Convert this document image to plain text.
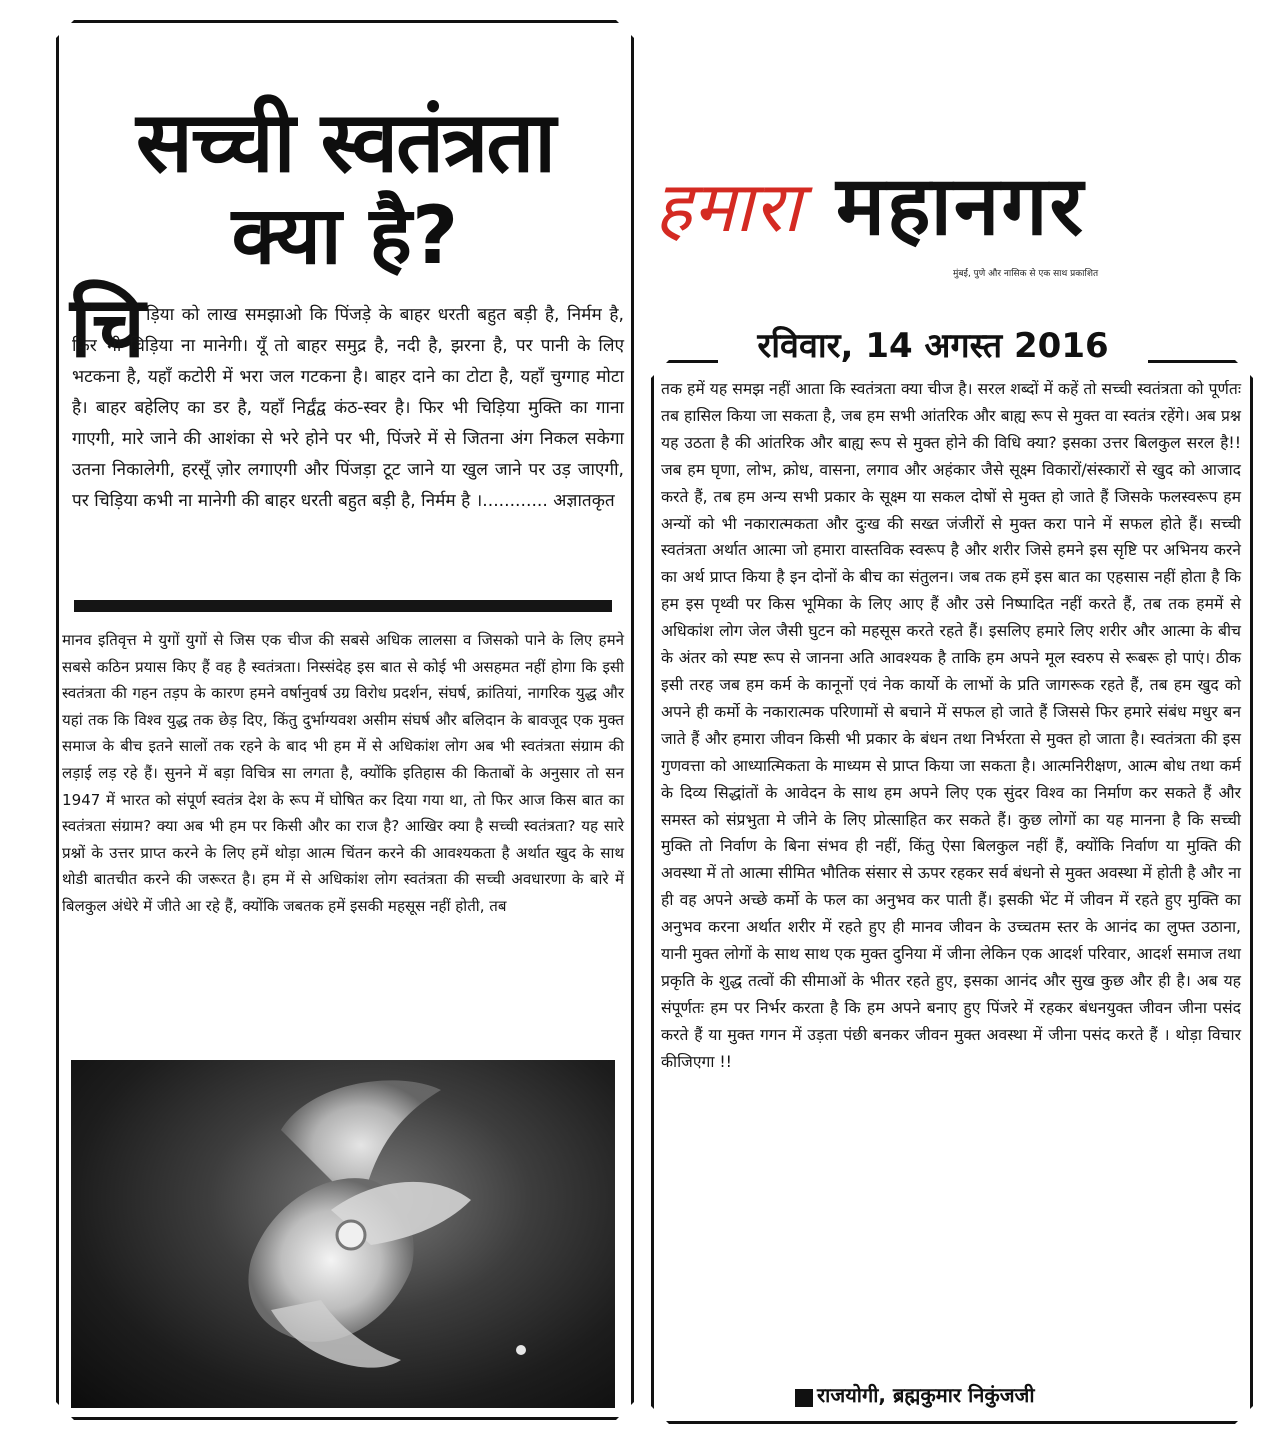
सच्ची स्वतंत्रता
क्या है?
चि ड़िया को लाख समझाओ कि पिंजड़े के बाहर धरती बहुत बड़ी है, निर्मम है, फिर भी चिड़िया ना मानेगी। यूँ तो बाहर समुद्र है, नदी है, झरना है, पर पानी के लिए भटकना है, यहाँ कटोरी में भरा जल गटकना है। बाहर दाने का टोटा है, यहाँ चुग्गाह मोटा है। बाहर बहेलिए का डर है, यहाँ निर्द्वंद्व कंठ-स्वर है। फिर भी चिड़िया मुक्ति का गाना गाएगी, मारे जाने की आशंका से भरे होने पर भी, पिंजरे में से जितना अंग निकल सकेगा उतना निकालेगी, हरसूँ ज़ोर लगाएगी और पिंजड़ा टूट जाने या खुल जाने पर उड़ जाएगी, पर चिड़िया कभी ना मानेगी की बाहर धरती बहुत बड़ी है, निर्मम है ।............ अज्ञातकृत

मानव इतिवृत्त मे युगों युगों से जिस एक चीज की सबसे अधिक लालसा व जिसको पाने के लिए हमने सबसे कठिन प्रयास किए हैं वह है स्वतंत्रता। निस्संदेह इस बात से कोई भी असहमत नहीं होगा कि इसी स्वतंत्रता की गहन तड़प के कारण हमने वर्षानुवर्ष उग्र विरोध प्रदर्शन, संघर्ष, क्रांतियां, नागरिक युद्ध और यहां तक कि विश्व युद्ध तक छेड़ दिए, किंतु दुर्भाग्यवश असीम संघर्ष और बलिदान के बावजूद एक मुक्त समाज के बीच इतने सालों तक रहने के बाद भी हम में से अधिकांश लोग अब भी स्वतंत्रता संग्राम की लड़ाई लड़ रहे हैं। सुनने में बड़ा विचित्र सा लगता है, क्योंकि इतिहास की किताबों के अनुसार तो सन 1947 में भारत को संपूर्ण स्वतंत्र देश के रूप में घोषित कर दिया गया था, तो फिर आज किस बात का स्वतंत्रता संग्राम? क्या अब भी हम पर किसी और का राज है? आखिर क्या है सच्ची स्वतंत्रता? यह सारे प्रश्नों के उत्तर प्राप्त करने के लिए हमें थोड़ा आत्म चिंतन करने की आवश्यकता है अर्थात खुद के साथ थोडी बातचीत करने की जरूरत है। हम में से अधिकांश लोग स्वतंत्रता की सच्ची अवधारणा के बारे में बिलकुल अंधेरे में जीते आ रहे हैं, क्योंकि जबतक हमें इसकी महसूस नहीं होती, तब

हमारा महानगर
मुंबई, पुणे और नासिक से एक साथ प्रकाशित
रविवार, 14 अगस्त 2016

तक हमें यह समझ नहीं आता कि स्वतंत्रता क्या चीज है। सरल शब्दों में कहें तो सच्ची स्वतंत्रता को पूर्णतः तब हासिल किया जा सकता है, जब हम सभी आंतरिक और बाह्य रूप से मुक्त वा स्वतंत्र रहेंगे। अब प्रश्न यह उठता है की आंतरिक और बाह्य रूप से मुक्त होने की विधि क्या? इसका उत्तर बिलकुल सरल है!! जब हम घृणा, लोभ, क्रोध, वासना, लगाव और अहंकार जैसे सूक्ष्म विकारों/संस्कारों से खुद को आजाद करते हैं, तब हम अन्य सभी प्रकार के सूक्ष्म या सकल दोषों से मुक्त हो जाते हैं जिसके फलस्वरूप हम अन्यों को भी नकारात्मकता और दुःख की सख्त जंजीरों से मुक्त करा पाने में सफल होते हैं। सच्ची स्वतंत्रता अर्थात आत्मा जो हमारा वास्तविक स्वरूप है और शरीर जिसे हमने इस सृष्टि पर अभिनय करने का अर्थ प्राप्त किया है इन दोनों के बीच का संतुलन। जब तक हमें इस बात का एहसास नहीं होता है कि हम इस पृथ्वी पर किस भूमिका के लिए आए हैं और उसे निष्पादित नहीं करते हैं, तब तक हममें से अधिकांश लोग जेल जैसी घुटन को महसूस करते रहते हैं। इसलिए हमारे लिए शरीर और आत्मा के बीच के अंतर को स्पष्ट रूप से जानना अति आवश्यक है ताकि हम अपने मूल स्वरुप से रूबरू हो पाएं। ठीक इसी तरह जब हम कर्म के कानूनों एवं नेक कार्यो के लाभों के प्रति जागरूक रहते हैं, तब हम खुद को अपने ही कर्मो के नकारात्मक परिणामों से बचाने में सफल हो जाते हैं जिससे फिर हमारे संबंध मधुर बन जाते हैं और हमारा जीवन किसी भी प्रकार के बंधन तथा निर्भरता से मुक्त हो जाता है। स्वतंत्रता की इस गुणवत्ता को आध्यात्मिकता के माध्यम से प्राप्त किया जा सकता है। आत्मनिरीक्षण, आत्म बोध तथा कर्म के दिव्य सिद्धांतों के आवेदन के साथ हम अपने लिए एक सुंदर विश्व का निर्माण कर सकते हैं और समस्त को संप्रभुता मे जीने के लिए प्रोत्साहित कर सकते हैं। कुछ लोगों का यह मानना है कि सच्ची मुक्ति तो निर्वाण के बिना संभव ही नहीं, किंतु ऐसा बिलकुल नहीं हैं, क्योंकि निर्वाण या मुक्ति की अवस्था में तो आत्मा सीमित भौतिक संसार से ऊपर रहकर सर्व बंधनो से मुक्त अवस्था में होती है और ना ही वह अपने अच्छे कर्मो के फल का अनुभव कर पाती हैं। इसकी भेंट में जीवन में रहते हुए मुक्ति का अनुभव करना अर्थात शरीर में रहते हुए ही मानव जीवन के उच्चतम स्तर के आनंद का लुफ्त उठाना, यानी मुक्त लोगों के साथ साथ एक मुक्त दुनिया में जीना लेकिन एक आदर्श परिवार, आदर्श समाज तथा प्रकृति के शुद्ध तत्वों की सीमाओं के भीतर रहते हुए, इसका आनंद और सुख कुछ और ही है। अब यह संपूर्णतः हम पर निर्भर करता है कि हम अपने बनाए हुए पिंजरे में रहकर बंधनयुक्त जीवन जीना पसंद करते हैं या मुक्त गगन में उड़ता पंछी बनकर जीवन मुक्त अवस्था में जीना पसंद करते हैं । थोड़ा विचार कीजिएगा !!

राजयोगी, ब्रह्मकुमार निकुंजजी
